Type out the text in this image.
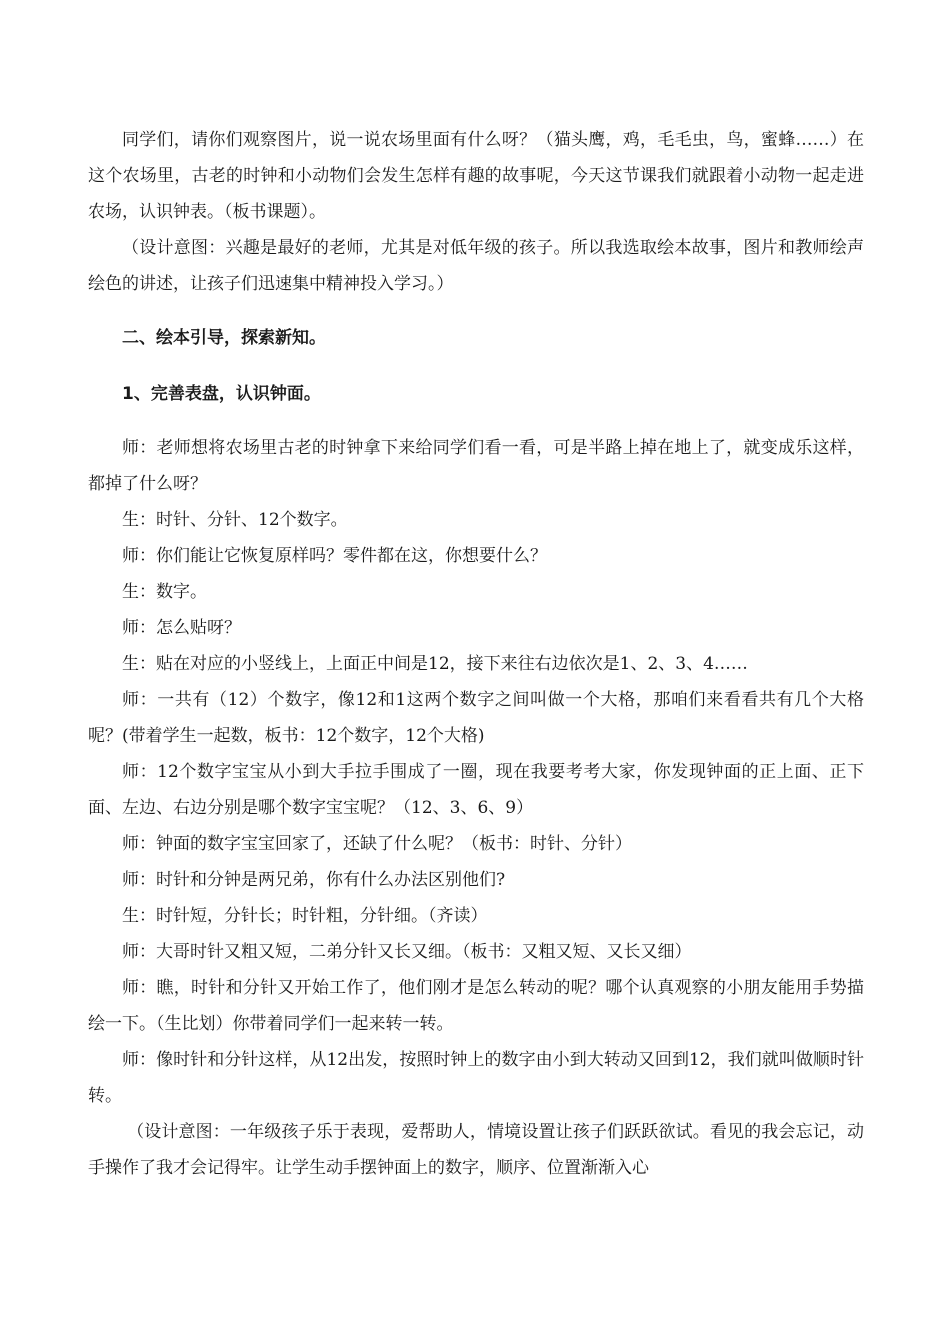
同学们，请你们观察图片，说一说农场里面有什么呀？（猫头鹰，鸡，毛毛虫，鸟，蜜蜂……）在这个农场里，古老的时钟和小动物们会发生怎样有趣的故事呢，今天这节课我们就跟着小动物一起走进农场，认识钟表。（板书课题）。

（设计意图：兴趣是最好的老师，尤其是对低年级的孩子。所以我选取绘本故事，图片和教师绘声绘色的讲述，让孩子们迅速集中精神投入学习。）

二、绘本引导，探索新知。

1、完善表盘，认识钟面。

师：老师想将农场里古老的时钟拿下来给同学们看一看，可是半路上掉在地上了，就变成乐这样，都掉了什么呀？

生：时针、分针、12个数字。

师：你们能让它恢复原样吗？零件都在这，你想要什么？

生：数字。

师：怎么贴呀？

生：贴在对应的小竖线上，上面正中间是12，接下来往右边依次是1、2、3、4……

师：一共有（12）个数字，像12和1这两个数字之间叫做一个大格，那咱们来看看共有几个大格呢？(带着学生一起数，板书：12个数字，12个大格)

师：12个数字宝宝从小到大手拉手围成了一圈，现在我要考考大家，你发现钟面的正上面、正下面、左边、右边分别是哪个数字宝宝呢？（12、3、6、9）

师：钟面的数字宝宝回家了，还缺了什么呢？（板书：时针、分针）

师：时针和分钟是两兄弟，你有什么办法区别他们?

生：时针短，分针长；时针粗，分针细。（齐读）

师：大哥时针又粗又短，二弟分针又长又细。（板书：又粗又短、又长又细）

师：瞧，时针和分针又开始工作了，他们刚才是怎么转动的呢？哪个认真观察的小朋友能用手势描绘一下。（生比划）你带着同学们一起来转一转。

师：像时针和分针这样，从12出发，按照时钟上的数字由小到大转动又回到12，我们就叫做顺时针转。

（设计意图：一年级孩子乐于表现，爱帮助人，情境设置让孩子们跃跃欲试。看见的我会忘记，动手操作了我才会记得牢。让学生动手摆钟面上的数字，顺序、位置渐渐入心
